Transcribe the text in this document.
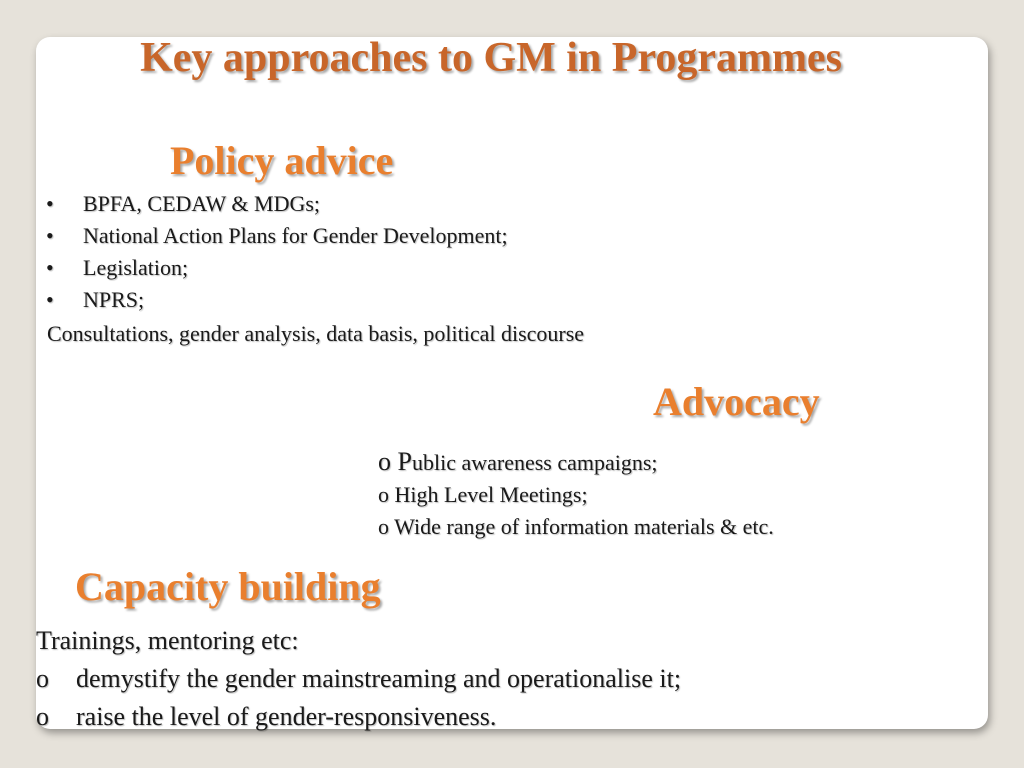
Key approaches to GM in Programmes
Policy advice
• BPFA, CEDAW & MDGs;
• National Action Plans for Gender Development;
• Legislation;
• NPRS;
Consultations, gender analysis, data basis, political discourse
Advocacy
o Public awareness campaigns;
o High Level Meetings;
o Wide range of information materials & etc.
Capacity building
Trainings, mentoring etc:
o demystify the gender mainstreaming and operationalise it;
o raise the level of gender-responsiveness.
